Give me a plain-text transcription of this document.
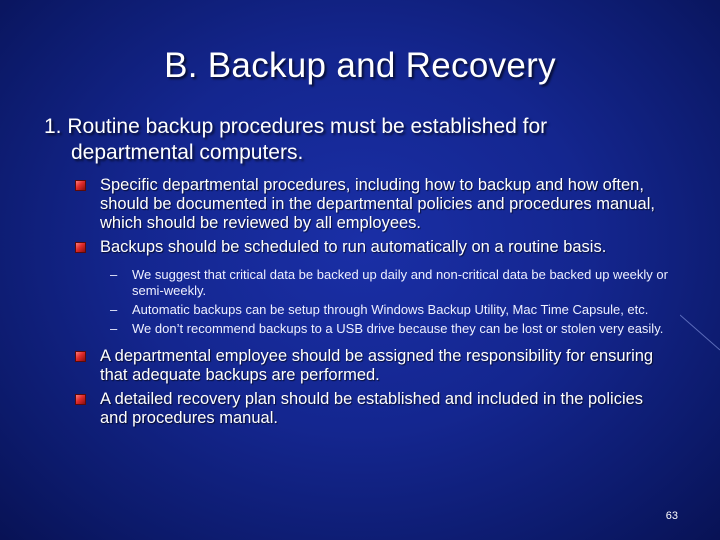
B. Backup and Recovery
1. Routine backup procedures must be established for
departmental computers.
Specific departmental procedures, including how to backup and how often, should be documented in the departmental policies and procedures manual, which should be reviewed by all employees.
Backups should be scheduled to run automatically on a routine basis.
– We suggest that critical data be backed up daily and non-critical data be backed up weekly or semi-weekly.
– Automatic backups can be setup through Windows Backup Utility, Mac Time Capsule, etc.
– We don’t recommend backups to a USB drive because they can be lost or stolen very easily.
A departmental employee should be assigned the responsibility for ensuring that adequate backups are performed.
A detailed recovery plan should be established and included in the policies and procedures manual.
63
